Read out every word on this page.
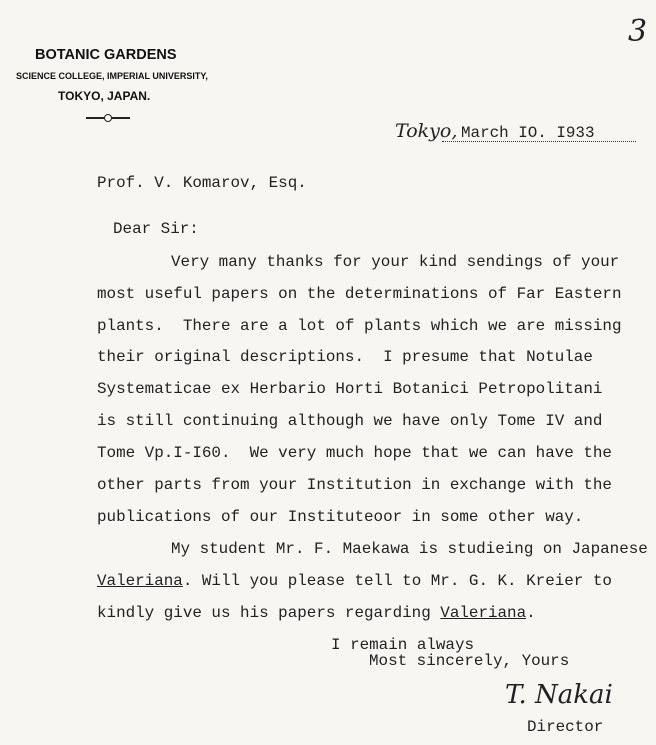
3
BOTANIC GARDENS
SCIENCE COLLEGE, IMPERIAL UNIVERSITY,
TOKYO, JAPAN.
Tokyo, March IO. I933
Prof. V. Komarov, Esq.
Dear Sir:
Very many thanks for your kind sendings of your
most useful papers on the determinations of Far Eastern
plants.  There are a lot of plants which we are missing
their original descriptions.  I presume that Notulae
Systematicae ex Herbario Horti Botanici Petropolitani
is still continuing although we have only Tome IV and
Tome Vp.I-I60.  We very much hope that we can have the
other parts from your Institution in exchange with the
publications of our Instituteoor in some other way.
My student Mr. F. Maekawa is studieing on Japanese
Valeriana. Will you please tell to Mr. G. K. Kreier to
kindly give us his papers regarding Valeriana.
I remain always
Most sincerely, Yours
T. Nakai
Director
